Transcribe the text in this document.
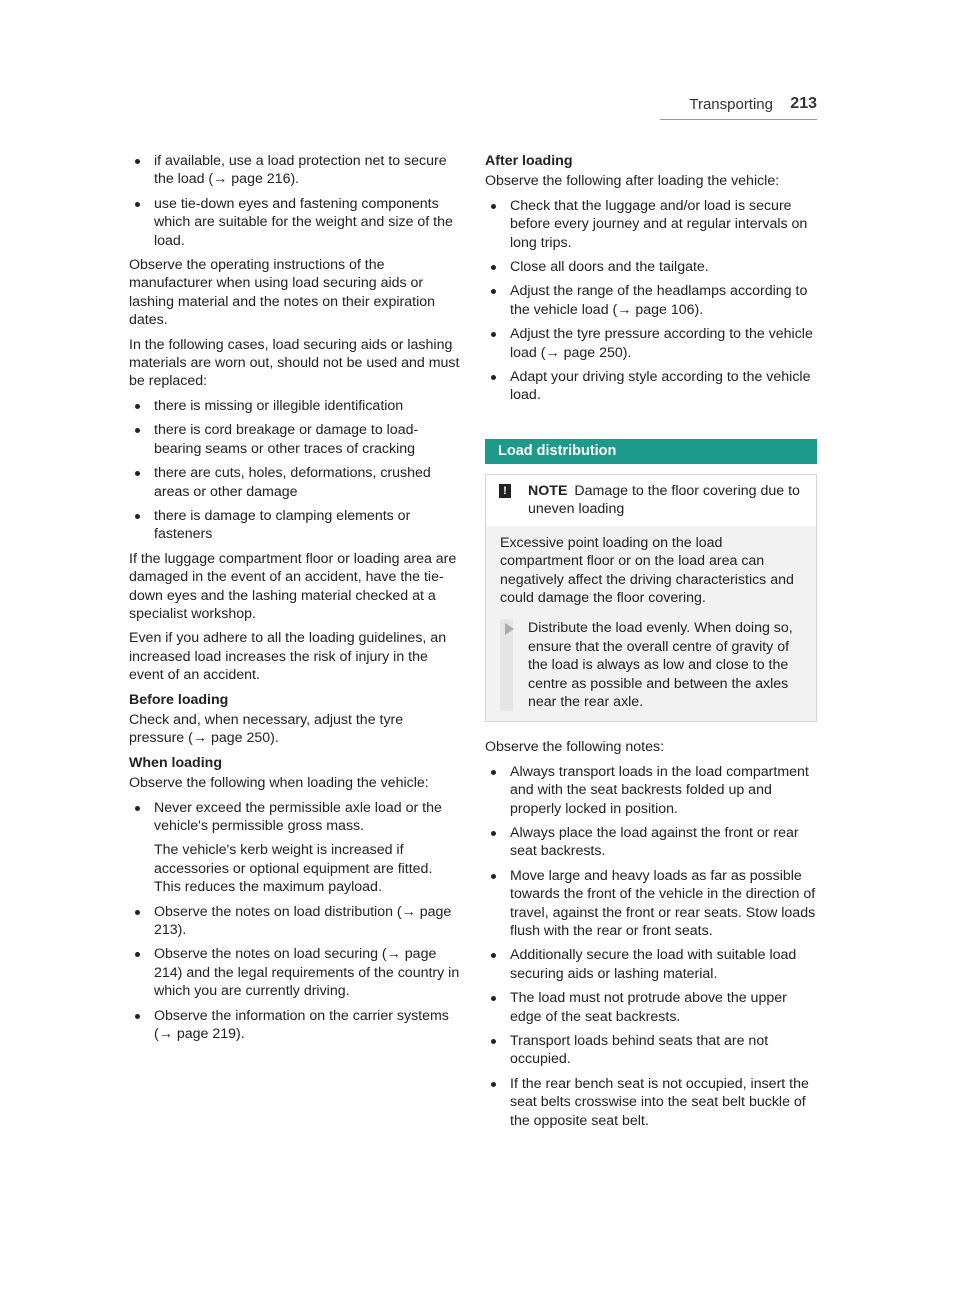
Transporting 213
if available, use a load protection net to secure the load (→ page 216).
use tie-down eyes and fastening components which are suitable for the weight and size of the load.

Observe the operating instructions of the manufacturer when using load securing aids or lashing material and the notes on their expiration dates.

In the following cases, load securing aids or lashing materials are worn out, should not be used and must be replaced:

there is missing or illegible identification
there is cord breakage or damage to load-bearing seams or other traces of cracking
there are cuts, holes, deformations, crushed areas or other damage
there is damage to clamping elements or fasteners

If the luggage compartment floor or loading area are damaged in the event of an accident, have the tie-down eyes and the lashing material checked at a specialist workshop.

Even if you adhere to all the loading guidelines, an increased load increases the risk of injury in the event of an accident.

Before loading

Check and, when necessary, adjust the tyre pressure (→ page 250).

When loading

Observe the following when loading the vehicle:

Never exceed the permissible axle load or the vehicle's permissible gross mass.
The vehicle's kerb weight is increased if accessories or optional equipment are fitted. This reduces the maximum payload.
Observe the notes on load distribution (→ page 213).
Observe the notes on load securing (→ page 214) and the legal requirements of the country in which you are currently driving.
Observe the information on the carrier systems (→ page 219).
After loading

Observe the following after loading the vehicle:

Check that the luggage and/or load is secure before every journey and at regular intervals on long trips.
Close all doors and the tailgate.
Adjust the range of the headlamps according to the vehicle load (→ page 106).
Adjust the tyre pressure according to the vehicle load (→ page 250).
Adapt your driving style according to the vehicle load.
Load distribution
! NOTE Damage to the floor covering due to uneven loading

Excessive point loading on the load compartment floor or on the load area can negatively affect the driving characteristics and could damage the floor covering.

Distribute the load evenly. When doing so, ensure that the overall centre of gravity of the load is always as low and close to the centre as possible and between the axles near the rear axle.

Observe the following notes:

Always transport loads in the load compartment and with the seat backrests folded up and properly locked in position.
Always place the load against the front or rear seat backrests.
Move large and heavy loads as far as possible towards the front of the vehicle in the direction of travel, against the front or rear seats. Stow loads flush with the rear or front seats.
Additionally secure the load with suitable load securing aids or lashing material.
The load must not protrude above the upper edge of the seat backrests.
Transport loads behind seats that are not occupied.
If the rear bench seat is not occupied, insert the seat belts crosswise into the seat belt buckle of the opposite seat belt.
